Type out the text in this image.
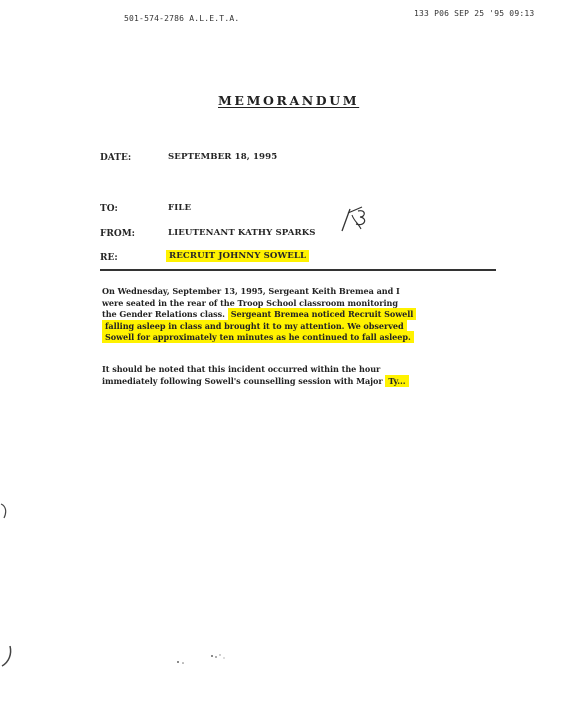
501-574-2786 A.L.E.T.A.
133 P06 SEP 25 '95 09:13
MEMORANDUM
DATE:	SEPTEMBER 18, 1995
TO:	FILE
FROM:	LIEUTENANT KATHY SPARKS
RE:	RECRUIT JOHNNY SOWELL
On Wednesday, September 13, 1995, Sergeant Keith Bremea and I
were seated in the rear of the Troop School classroom monitoring
the Gender Relations class. Sergeant Bremea noticed Recruit Sowell
falling asleep in class and brought it to my attention. We observed
Sowell for approximately ten minutes as he continued to fall asleep.
It should be noted that this incident occurred within the hour
immediately following Sowell's counselling session with Major Ty...
